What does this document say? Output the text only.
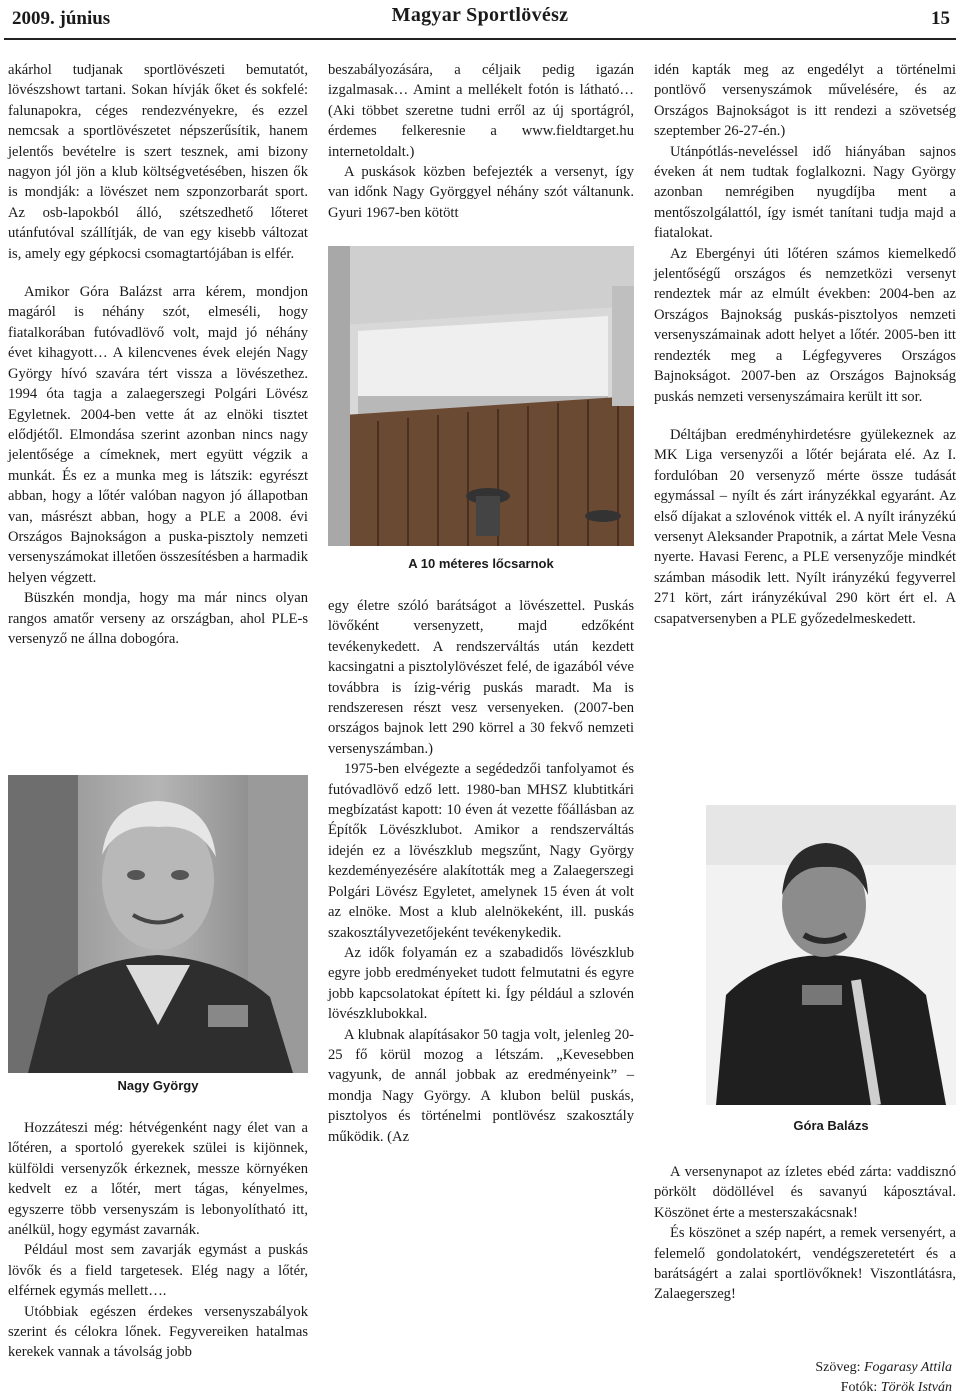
2009. június	Magyar Sportlövész	15

akárhol tudjanak sportlövészeti bemutatót, lövészshowt tartani. Sokan hívják őket és sokfelé: falunapokra, céges rendezvényekre, és ezzel nemcsak a sportlövészetet népszerűsítik, hanem jelentős bevételre is szert tesznek, ami bizony nagyon jól jön a klub költségvetésében, hiszen ők is mondják: a lövészet nem szponzorbarát sport. Az osb-lapokból álló, szétszedhető lőteret utánfutóval szállítják, de van egy kisebb változat is, amely egy gépkocsi csomagtartójában is elfér.

Amikor Góra Balázst arra kérem, mondjon magáról is néhány szót, elmeséli, hogy fiatalkorában futóvadlövő volt, majd jó néhány évet kihagyott… A kilencvenes évek elején Nagy György hívó szavára tért vissza a lövészethez. 1994 óta tagja a zalaegerszegi Polgári Lövész Egyletnek. 2004-ben vette át az elnöki tisztet elődjétől. Elmondása szerint azonban nincs nagy jelentősége a címeknek, mert együtt végzik a munkát. És ez a munka meg is látszik: egyrészt abban, hogy a lőtér valóban nagyon jó állapotban van, másrészt abban, hogy a PLE a 2008. évi Országos Bajnokságon a puska-pisztoly nemzeti versenyszámokat illetően összesítésben a harmadik helyen végzett.

Büszkén mondja, hogy ma már nincs olyan rangos amatőr verseny az országban, ahol PLE-s versenyző ne állna dobogóra.

Nagy György

Hozzáteszi még: hétvégenként nagy élet van a lőtéren, a sportoló gyerekek szülei is kijönnek, külföldi versenyzők érkeznek, messze környéken kedvelt ez a lőtér, mert tágas, kényelmes, egyszerre több versenyszám is lebonyolítható itt, anélkül, hogy egymást zavarnák.

Például most sem zavarják egymást a puskás lövők és a field targetesek. Elég nagy a lőtér, elférnek egymás mellett….

Utóbbiak egészen érdekes versenyszabályok szerint és célokra lőnek. Fegyvereiken hatalmas kerekek vannak a távolság jobb

beszabályozására, a céljaik pedig igazán izgalmasak… Amint a mellékelt fotón is látható… (Aki többet szeretne tudni erről az új sportágról, érdemes felkeresnie a www.fieldtarget.hu internetoldalt.)

A puskások közben befejezték a versenyt, így van időnk Nagy Györggyel néhány szót váltanunk. Gyuri 1967-ben kötött

A 10 méteres lőcsarnok

egy életre szóló barátságot a lövészettel. Puskás lövőként versenyzett, majd edzőként tevékenykedett. A rendszerváltás után kezdett kacsingatni a pisztolylövészet felé, de igazából véve továbbra is ízig-vérig puskás maradt. Ma is rendszeresen részt vesz versenyeken. (2007-ben országos bajnok lett 290 körrel a 30 fekvő nemzeti versenyszámban.)

1975-ben elvégezte a segédedzői tanfolyamot és futóvadlövő edző lett. 1980-ban MHSZ klubtitkári megbízatást kapott: 10 éven át vezette főállásban az Építők Lövészklubot. Amikor a rendszerváltás idején ez a lövészklub megszűnt, Nagy György kezdeményezésére alakították meg a Zalaegerszegi Polgári Lövész Egyletet, amelynek 15 éven át volt az elnöke. Most a klub alelnökeként, ill. puskás szakosztályvezetőjeként tevékenykedik.

Az idők folyamán ez a szabadidős lövészklub egyre jobb eredményeket tudott felmutatni és egyre jobb kapcsolatokat épített ki. Így például a szlovén lövészklubokkal.

A klubnak alapításakor 50 tagja volt, jelenleg 20-25 fő körül mozog a létszám. „Kevesebben vagyunk, de annál jobbak az eredményeink” – mondja Nagy György. A klubon belül puskás, pisztolyos és történelmi pontlövész szakosztály működik. (Az

idén kapták meg az engedélyt a történelmi pontlövő versenyszámok művelésére, és az Országos Bajnokságot is itt rendezi a szövetség szeptember 26-27-én.)

Utánpótlás-neveléssel idő hiányában sajnos éveken át nem tudtak foglalkozni. Nagy György azonban nemrégiben nyugdíjba ment a mentőszolgálattól, így ismét tanítani tudja majd a fiatalokat.

Az Ebergényi úti lőtéren számos kiemelkedő jelentőségű országos és nemzetközi versenyt rendeztek már az elmúlt években: 2004-ben az Országos Bajnokság puskás-pisztolyos nemzeti versenyszámainak adott helyet a lőtér. 2005-ben itt rendezték meg a Légfegyveres Országos Bajnokságot. 2007-ben az Országos Bajnokság puskás nemzeti versenyszámaira került itt sor.

Déltájban eredményhirdetésre gyülekeznek az MK Liga versenyzői a lőtér bejárata elé. Az I. fordulóban 20 versenyző mérte össze tudását egymással – nyílt és zárt irányzékkal egyaránt. Az első díjakat a szlovénok vitték el. A nyílt irányzékú versenyt Aleksander Prapotnik, a zártat Mele Vesna nyerte. Havasi Ferenc, a PLE versenyzője mindkét számban második lett. Nyílt irányzékú fegyverrel 271 kört, zárt irányzékúval 290 kört ért el. A csapatversenyben a PLE győzedelmeskedett.

Góra Balázs

A versenynapot az ízletes ebéd zárta: vaddisznó pörkölt dödöllével és savanyú káposztával. Köszönet érte a mesterszakácsnak!

És köszönet a szép napért, a remek versenyért, a felemelő gondolatokért, vendégszeretetért és a barátságért a zalai sportlövőknek! Viszontlátásra, Zalaegerszeg!

Szöveg: Fogarasy Attila
Fotók: Török István
